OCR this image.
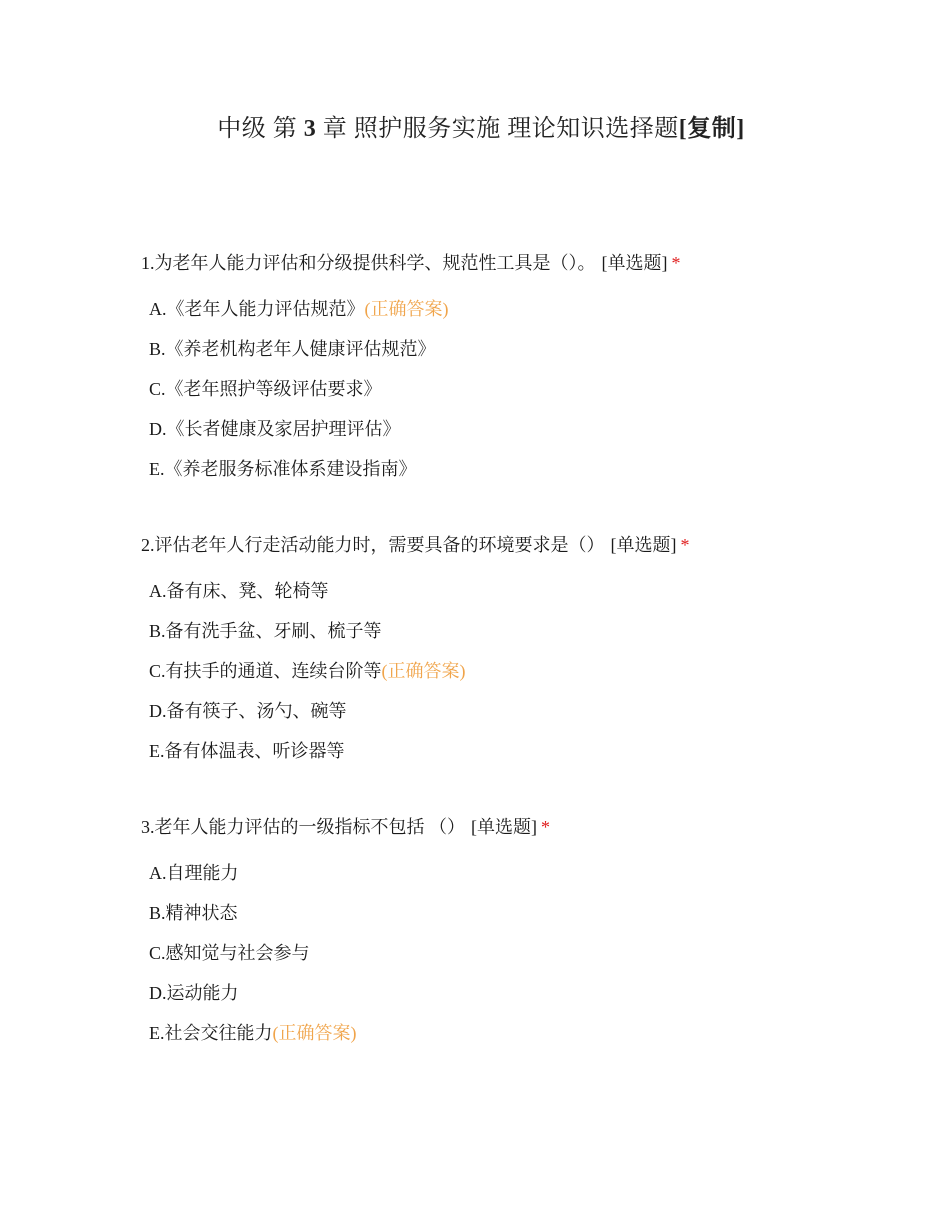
中级 第 3 章 照护服务实施 理论知识选择题[复制]
1.为老年人能力评估和分级提供科学、规范性工具是（）。 [单选题] *
A.《老年人能力评估规范》(正确答案)
B.《养老机构老年人健康评估规范》
C.《老年照护等级评估要求》
D.《长者健康及家居护理评估》
E.《养老服务标准体系建设指南》
2.评估老年人行走活动能力时，需要具备的环境要求是（） [单选题] *
A.备有床、凳、轮椅等
B.备有洗手盆、牙刷、梳子等
C.有扶手的通道、连续台阶等(正确答案)
D.备有筷子、汤勺、碗等
E.备有体温表、听诊器等
3.老年人能力评估的一级指标不包括 （） [单选题] *
A.自理能力
B.精神状态
C.感知觉与社会参与
D.运动能力
E.社会交往能力(正确答案)
